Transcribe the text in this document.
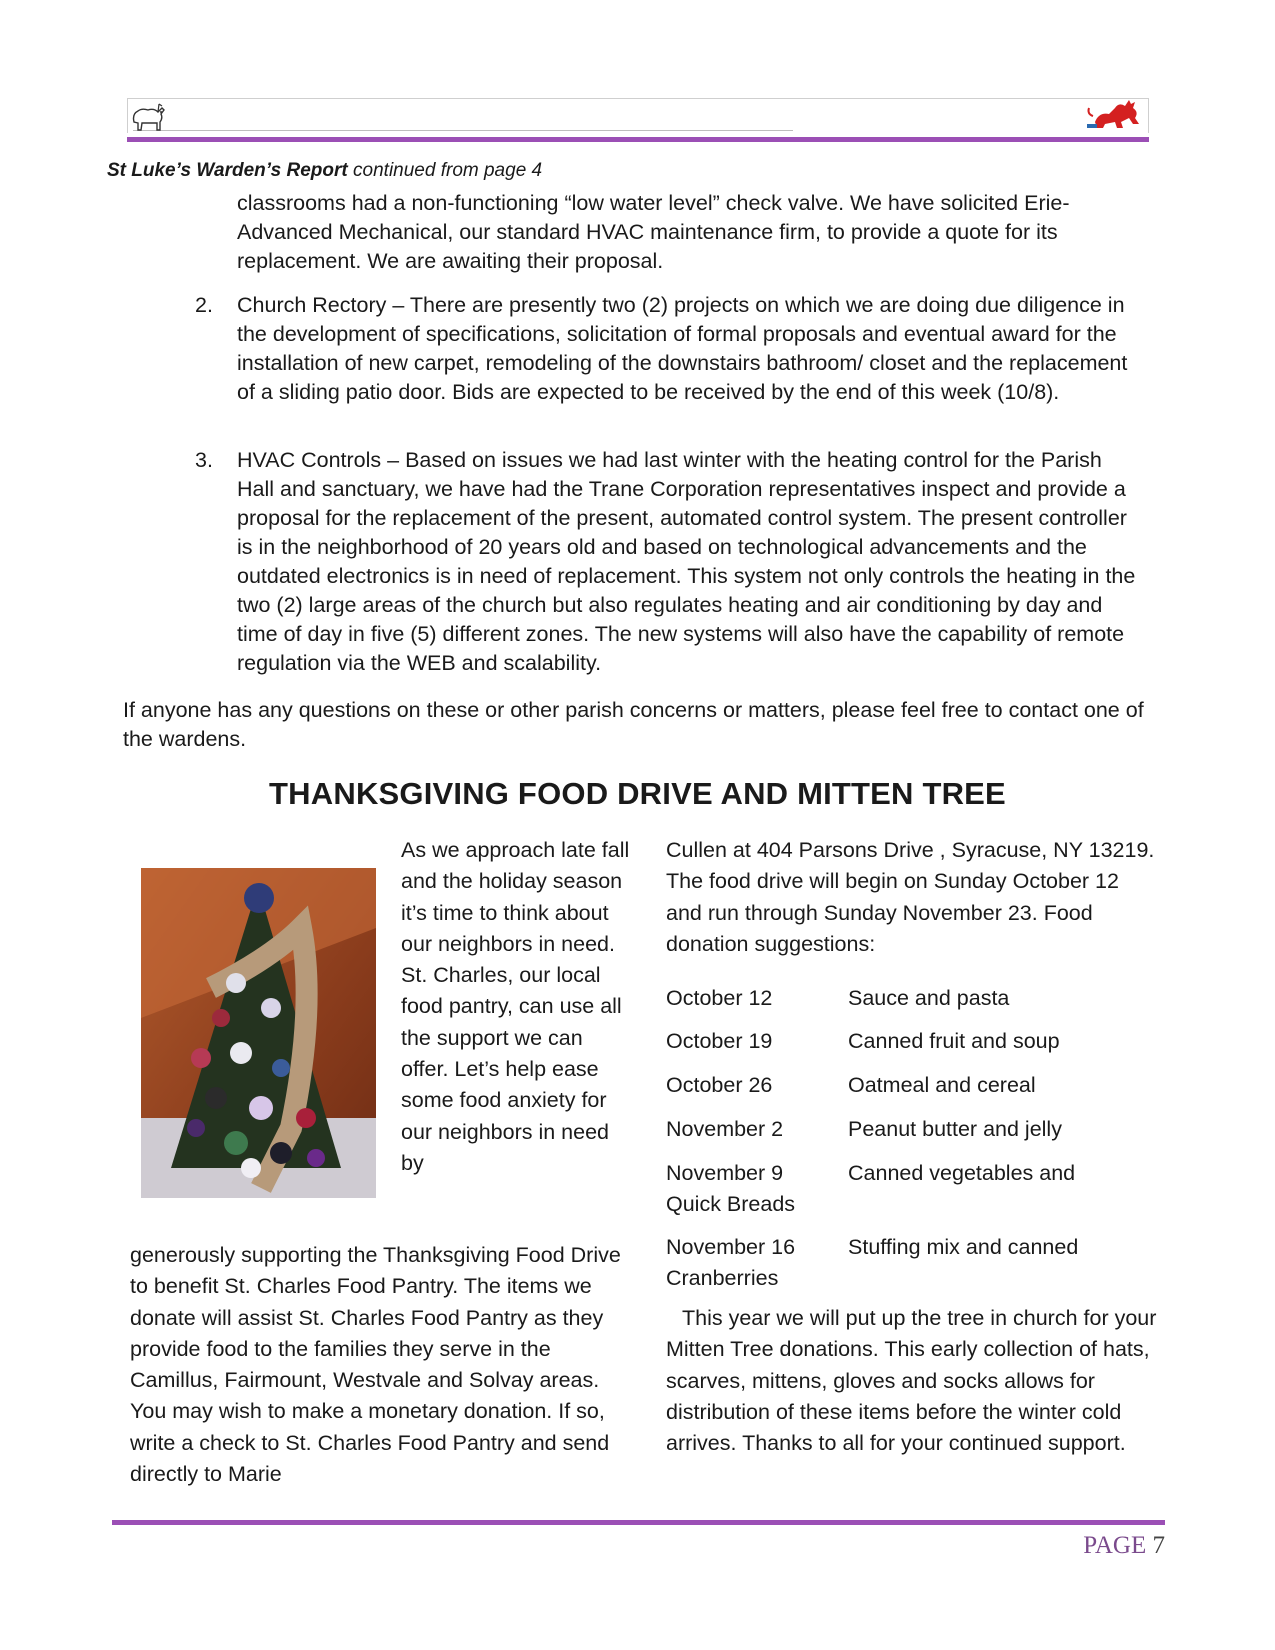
St Luke’s Warden’s Report continued from page 4
classrooms had a non-functioning “low water level” check valve. We have solicited Erie-Advanced Mechanical, our standard HVAC maintenance firm, to provide a quote for its replacement. We are awaiting their proposal.
2. Church Rectory – There are presently two (2) projects on which we are doing due diligence in the development of specifications, solicitation of formal proposals and eventual award for the installation of new carpet, remodeling of the downstairs bathroom/ closet and the replacement of a sliding patio door. Bids are expected to be received by the end of this week (10/8).
3. HVAC Controls – Based on issues we had last winter with the heating control for the Parish Hall and sanctuary, we have had the Trane Corporation representatives inspect and provide a proposal for the replacement of the present, automated control system. The present controller is in the neighborhood of 20 years old and based on technological advancements and the outdated electronics is in need of replacement. This system not only controls the heating in the two (2) large areas of the church but also regulates heating and air conditioning by day and time of day in five (5) different zones. The new systems will also have the capability of remote regulation via the WEB and scalability.
If anyone has any questions on these or other parish concerns or matters, please feel free to contact one of the wardens.
THANKSGIVING FOOD DRIVE AND MITTEN TREE
As we approach late fall and the holiday season it’s time to think about our neighbors in need. St. Charles, our local food pantry, can use all the support we can offer. Let’s help ease some food anxiety for our neighbors in need by
generously supporting the Thanksgiving Food Drive to benefit St. Charles Food Pantry. The items we donate will assist St. Charles Food Pantry as they provide food to the families they serve in the Camillus, Fairmount, Westvale and Solvay areas. You may wish to make a monetary donation. If so, write a check to St. Charles Food Pantry and send directly to Marie
Cullen at 404 Parsons Drive , Syracuse, NY 13219. The food drive will begin on Sunday October 12 and run through Sunday November 23. Food donation suggestions:
October 12	Sauce and pasta
October 19	Canned fruit and soup
October 26	Oatmeal and cereal
November 2	Peanut butter and jelly
November 9	Canned vegetables and
Quick Breads
November 16 Stuffing mix and canned
Cranberries
This year we will put up the tree in church for your Mitten Tree donations. This early collection of hats, scarves, mittens, gloves and socks allows for distribution of these items before the winter cold arrives. Thanks to all for your continued support.
PAGE 7
